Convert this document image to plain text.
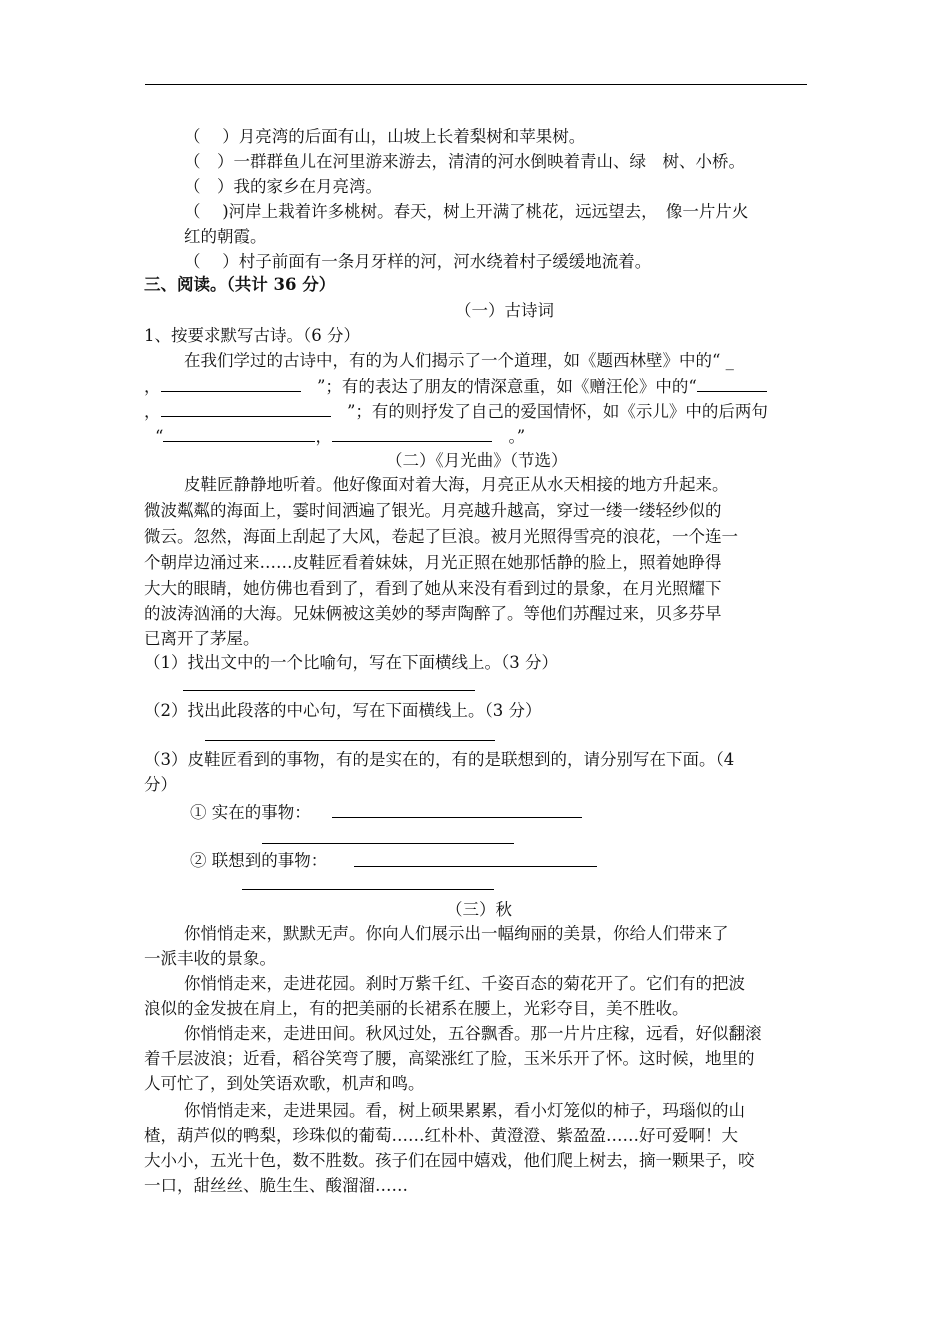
（　 ）月亮湾的后面有山，山坡上长着梨树和苹果树。
（　）一群群鱼儿在河里游来游去，清清的河水倒映着青山、绿　树、小桥。
（　）我的家乡在月亮湾。
（　 )河岸上栽着许多桃树。春天，树上开满了桃花，远远望去，　像一片片火
红的朝霞。
（　 ）村子前面有一条月牙样的河，河水绕着村子缓缓地流着。
三、阅读。（共计 36 分）
（一）古诗词
1、按要求默写古诗。（6 分）
在我们学过的古诗中，有的为人们揭示了一个道理，如《题西林壁》中的“ _
，　	”；有的表达了朋友的情深意重，如《赠汪伦》中的“
，　	”；有的则抒发了自己的爱国情怀，如《示儿》中的后两句
“	，　	。”
（二）《月光曲》（节选）
皮鞋匠静静地听着。他好像面对着大海，月亮正从水天相接的地方升起来。
微波粼粼的海面上，霎时间洒遍了银光。月亮越升越高，穿过一缕一缕轻纱似的
微云。忽然，海面上刮起了大风，卷起了巨浪。被月光照得雪亮的浪花，一个连一
个朝岸边涌过来……皮鞋匠看着妹妹，月光正照在她那恬静的脸上，照着她睁得
大大的眼睛，她仿佛也看到了，看到了她从来没有看到过的景象，在月光照耀下
的波涛汹涌的大海。兄妹俩被这美妙的琴声陶醉了。等他们苏醒过来，贝多芬早
已离开了茅屋。
（1）找出文中的一个比喻句，写在下面横线上。（3 分）
（2）找出此段落的中心句，写在下面横线上。（3 分）
（3）皮鞋匠看到的事物，有的是实在的，有的是联想到的，请分别写在下面。（4
分）
① 实在的事物：
② 联想到的事物：
（三）秋
你悄悄走来，默默无声。你向人们展示出一幅绚丽的美景，你给人们带来了
一派丰收的景象。
你悄悄走来，走进花园。刹时万紫千红、千姿百态的菊花开了。它们有的把波
浪似的金发披在肩上，有的把美丽的长裙系在腰上，光彩夺目，美不胜收。
你悄悄走来，走进田间。秋风过处，五谷飘香。那一片片庄稼，远看，好似翻滚
着千层波浪；近看，稻谷笑弯了腰，高粱涨红了脸，玉米乐开了怀。这时候，地里的
人可忙了，到处笑语欢歌，机声和鸣。
你悄悄走来，走进果园。看，树上硕果累累，看小灯笼似的柿子，玛瑙似的山
楂，葫芦似的鸭梨，珍珠似的葡萄……红朴朴、黄澄澄、紫盈盈……好可爱啊！大
大小小，五光十色，数不胜数。孩子们在园中嬉戏，他们爬上树去，摘一颗果子，咬
一口，甜丝丝、脆生生、酸溜溜……
